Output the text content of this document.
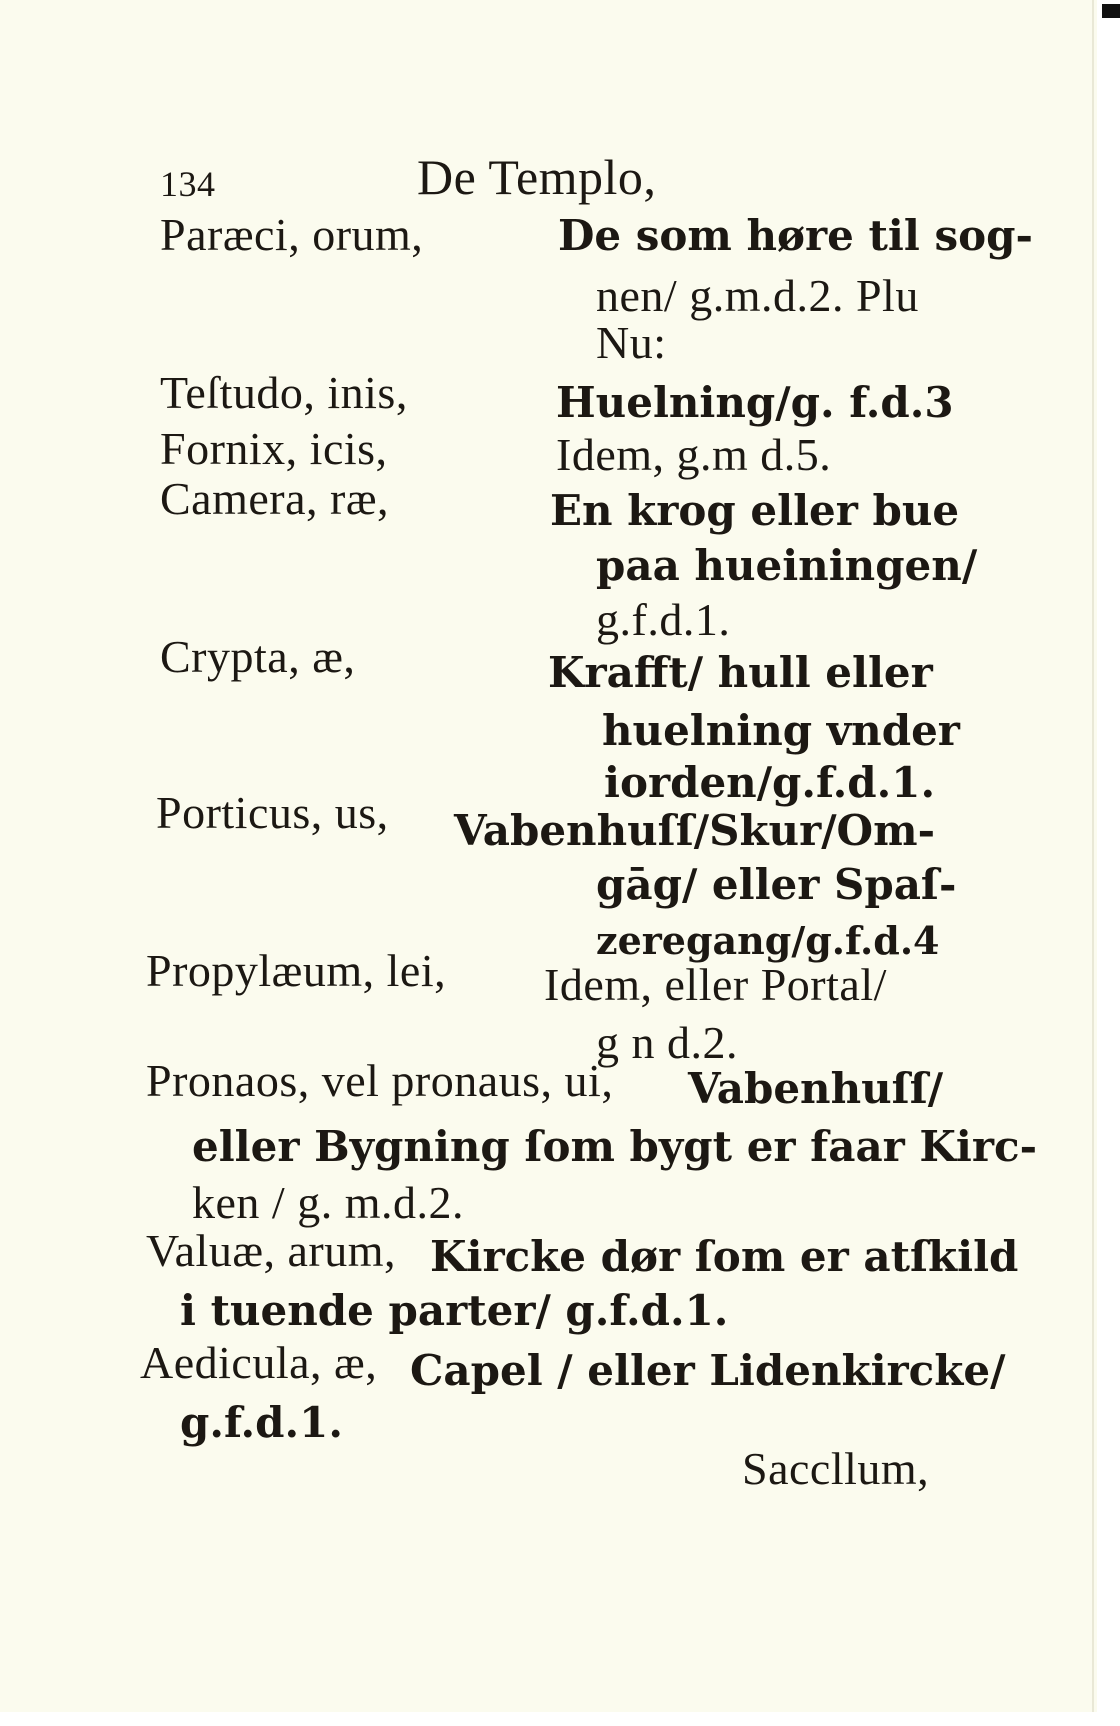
134	De Templo,
Paræci, orum,	De som høre til sog-
nen/ g.m.d.2. Plu
Nu:
Teſtudo, inis,	Huelning/g. f.d.3
Fornix, icis,	Idem, g.m d.5.
Camera, ræ,	En krog eller bue
paa hueiningen/
g.f.d.1.
Crypta, æ,	Krafft/ hull eller
huelning vnder
iorden/g.f.d.1.
Porticus, us, Vabenhuſſ/Skur/Om-
gāg/ eller Spaſ-
zeregang/g.f.d.4
Propylæum, lei, Idem, eller Portal/
g n d.2.
Pronaos, vel pronaus, ui, Vabenhuſſ/
eller Bygning ſom bygt er faar Kirc-
ken / g. m.d.2.
Valuæ, arum, Kircke dør ſom er atſkild
i tuende parter/ g.f.d.1.
Aedicula, æ, Capel / eller Lidenkircke/
g.f.d.1.
Saccllum,
